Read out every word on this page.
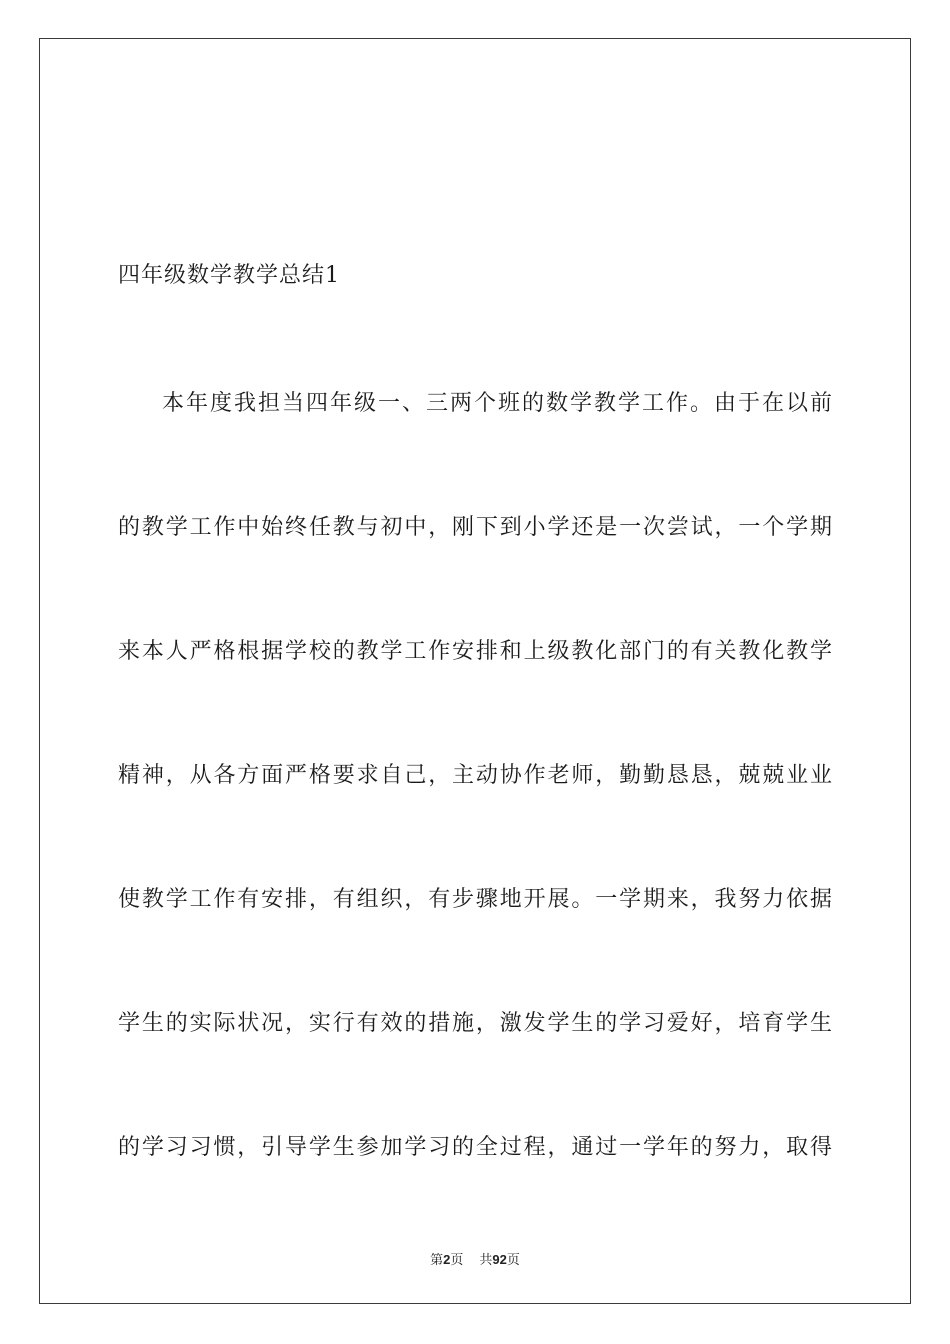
四年级数学教学总结1

本年度我担当四年级一、三两个班的数学教学工作。由于在以前

的教学工作中始终任教与初中，刚下到小学还是一次尝试，一个学期

来本人严格根据学校的教学工作安排和上级教化部门的有关教化教学

精神，从各方面严格要求自己，主动协作老师，勤勤恳恳，兢兢业业

使教学工作有安排，有组织，有步骤地开展。一学期来，我努力依据

学生的实际状况，实行有效的措施，激发学生的学习爱好，培育学生

的学习习惯，引导学生参加学习的全过程，通过一学年的努力，取得

第2页 共92页
